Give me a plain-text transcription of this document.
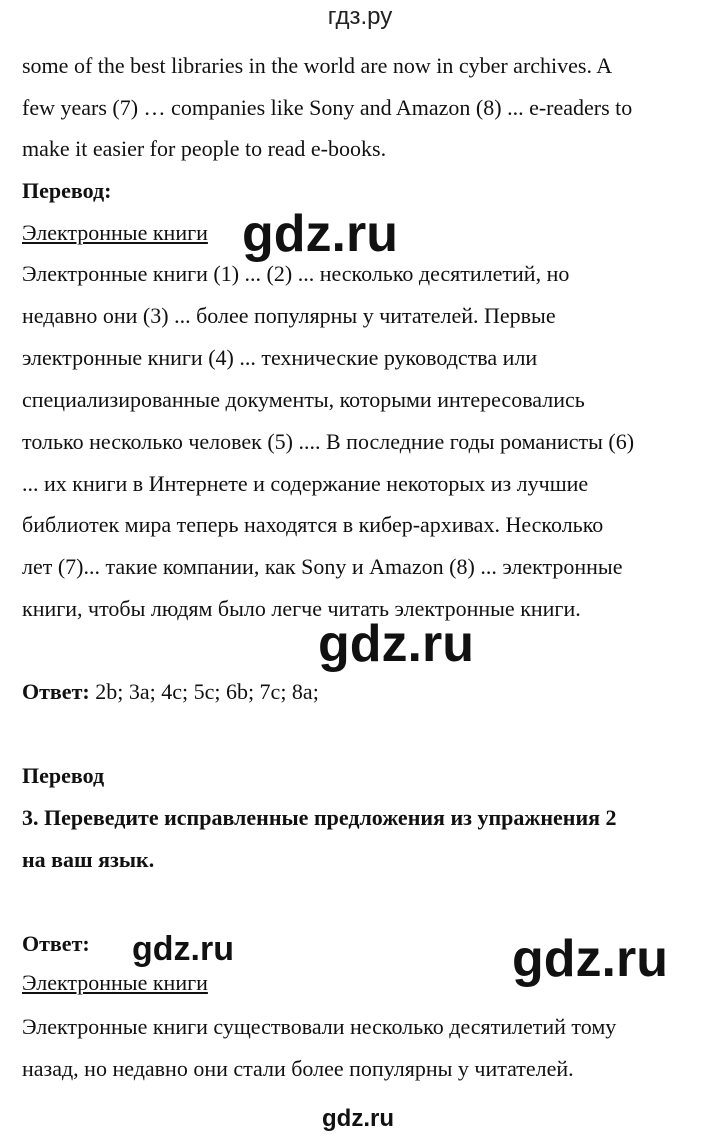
гдз.ру
some of the best libraries in the world are now in cyber archives. A
few years (7) … companies like Sony and Amazon (8) ... e-readers to
make it easier for people to read e-books.
Перевод:
Электронные книги
Электронные книги (1) ... (2) ... несколько десятилетий, но
недавно они (3) ... более популярны у читателей. Первые
электронные книги (4) ... технические руководства или
специализированные документы, которыми интересовались
только несколько человек (5) .... В последние годы романисты (6)
... их книги в Интернете и содержание некоторых из лучшие
библиотек мира теперь находятся в кибер-архивах. Несколько
лет (7)... такие компании, как Sony и Amazon (8) ... электронные
книги, чтобы людям было легче читать электронные книги.
Ответ: 2b; 3a; 4c; 5c; 6b; 7c; 8a;
Перевод
3. Переведите исправленные предложения из упражнения 2
на ваш язык.
Ответ:
Электронные книги
Электронные книги существовали несколько десятилетий тому
назад, но недавно они стали более популярны у читателей.
gdz.ru
gdz.ru
gdz.ru	gdz.ru
gdz.ru
